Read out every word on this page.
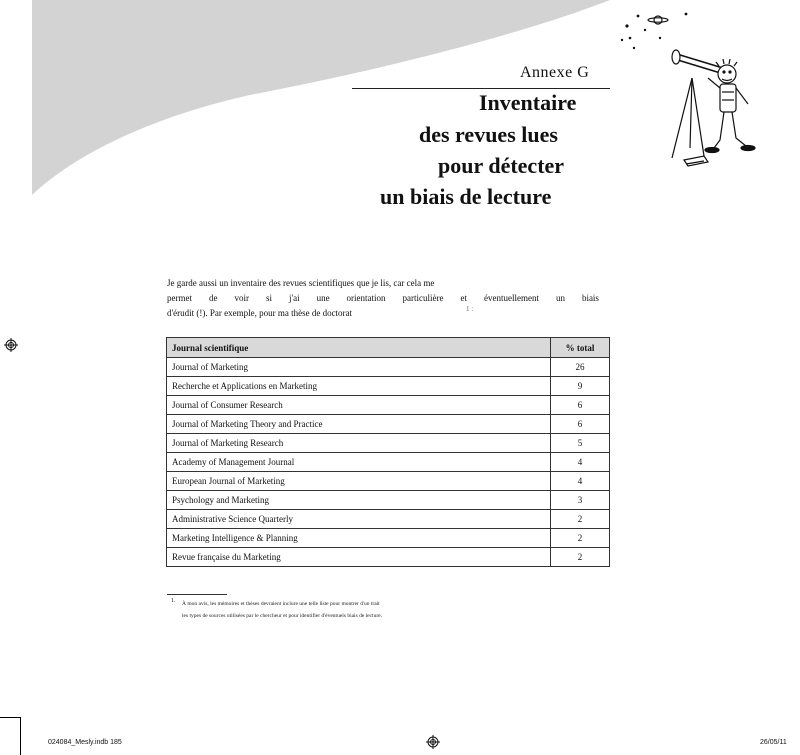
Annexe G
Inventaire
des revues lues
pour détecter
un biais de lecture
Je garde aussi un inventaire des revues scientifiques que je lis, car cela me
permet de voir si j'ai une orientation particulière et éventuellement un biais
d'érudit (!). Par exemple, pour ma thèse de doctorat	1 :
Journal scientifique	% total
Journal of Marketing	26
Recherche et Applications en Marketing	9
Journal of Consumer Research	6
Journal of Marketing Theory and Practice	6
Journal of Marketing Research	5
Academy of Management Journal	4
European Journal of Marketing	4
Psychology and Marketing	3
Administrative Science Quarterly	2
Marketing Intelligence & Planning	2
Revue française du Marketing	2
1. À mon avis, les mémoires et thèses devraient inclure une telle liste pour montrer d'un trait les types de sources utilisées par le chercheur et pour identifier d'éventuels biais de lecture.
024084_Mesly.indb 185	26/05/11
